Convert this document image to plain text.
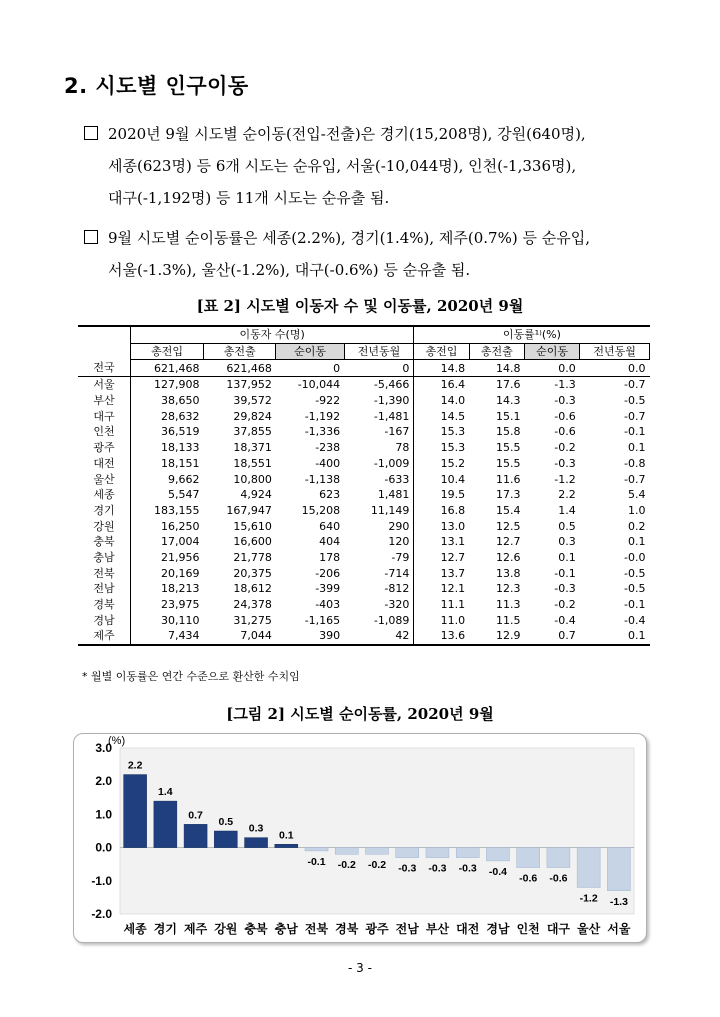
2. 시도별 인구이동
2020년 9월 시도별 순이동(전입-전출)은 경기(15,208명), 강원(640명),
세종(623명) 등 6개 시도는 순유입, 서울(-10,044명), 인천(-1,336명),
대구(-1,192명) 등 11개 시도는 순유출 됨.
9월 시도별 순이동률은 세종(2.2%), 경기(1.4%), 제주(0.7%) 등 순유입,
서울(-1.3%), 울산(-1.2%), 대구(-0.6%) 등 순유출 됨.
[표 2] 시도별 이동자 수 및 이동률, 2020년 9월
	이동자 수(명)				이동률¹⁾(%)			
	총전입	총전출	순이동	전년동월	총전입	총전출	순이동	전년동월
전국	621,468	621,468	0	0	14.8	14.8	0.0	0.0
서울	127,908	137,952	-10,044	-5,466	16.4	17.6	-1.3	-0.7
부산	38,650	39,572	-922	-1,390	14.0	14.3	-0.3	-0.5
대구	28,632	29,824	-1,192	-1,481	14.5	15.1	-0.6	-0.7
인천	36,519	37,855	-1,336	-167	15.3	15.8	-0.6	-0.1
광주	18,133	18,371	-238	78	15.3	15.5	-0.2	0.1
대전	18,151	18,551	-400	-1,009	15.2	15.5	-0.3	-0.8
울산	9,662	10,800	-1,138	-633	10.4	11.6	-1.2	-0.7
세종	5,547	4,924	623	1,481	19.5	17.3	2.2	5.4
경기	183,155	167,947	15,208	11,149	16.8	15.4	1.4	1.0
강원	16,250	15,610	640	290	13.0	12.5	0.5	0.2
충북	17,004	16,600	404	120	13.1	12.7	0.3	0.1
충남	21,956	21,778	178	-79	12.7	12.6	0.1	-0.0
전북	20,169	20,375	-206	-714	13.7	13.8	-0.1	-0.5
전남	18,213	18,612	-399	-812	12.1	12.3	-0.3	-0.5
경북	23,975	24,378	-403	-320	11.1	11.3	-0.2	-0.1
경남	30,110	31,275	-1,165	-1,089	11.0	11.5	-0.4	-0.4
제주	7,434	7,044	390	42	13.6	12.9	0.7	0.1
* 월별 이동률은 연간 수준으로 환산한 수치임
[그림 2] 시도별 순이동률, 2020년 9월
3.0
2.0
1.0
0.0
-1.0
-2.0
(%)
2.2
세종
1.4
경기
0.7
제주
0.5
강원
0.3
충북
0.1
충남
-0.1
전북
-0.2
경북
-0.2
광주
-0.3
전남
-0.3
부산
-0.3
대전
-0.4
경남
-0.6
인천
-0.6
대구
-1.2
울산
-1.3
서울
- 3 -
